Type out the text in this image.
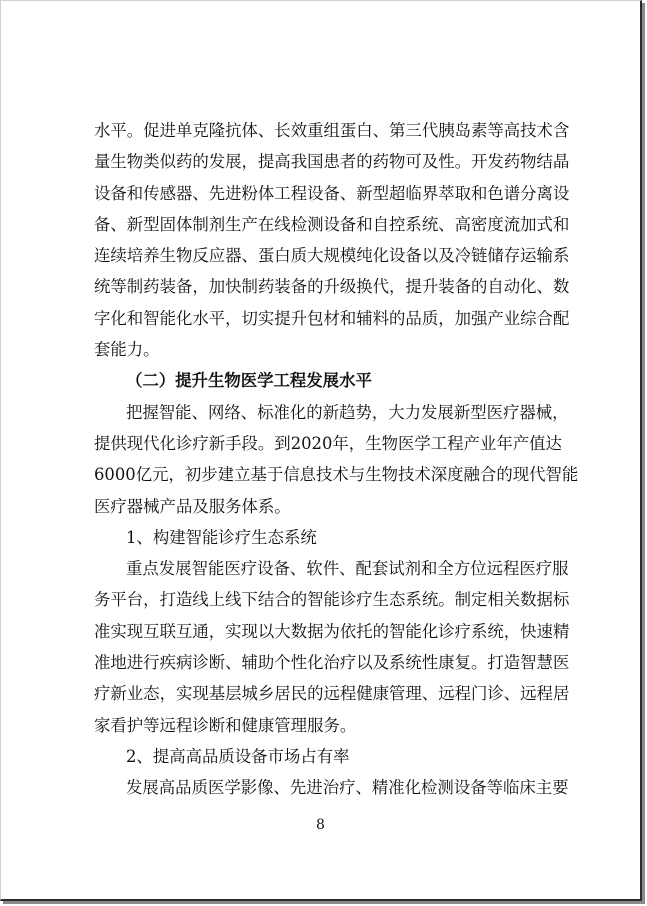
水 平 。 促 进 单 克 隆 抗 体 、 长 效 重 组 蛋 白 、 第 三 代 胰 岛 素 等 高 技 术 含
量 生 物 类 似 药 的 发 展 ， 提 高 我 国 患 者 的 药 物 可 及 性 。 开 发 药 物 结 晶
设 备 和 传 感 器 、 先 进 粉 体 工 程 设 备 、 新 型 超 临 界 萃 取 和 色 谱 分 离 设
备 、 新 型 固 体 制 剂 生 产 在 线 检 测 设 备 和 自 控 系 统 、 高 密 度 流 加 式 和
连 续 培 养 生 物 反 应 器 、 蛋 白 质 大 规 模 纯 化 设 备 以 及 冷 链 储 存 运 输 系
统 等 制 药 装 备 ， 加 快 制 药 装 备 的 升 级 换 代 ， 提 升 装 备 的 自 动 化 、 数
字 化 和 智 能 化 水 平 ， 切 实 提 升 包 材 和 辅 料 的 品 质 ， 加 强 产 业 综 合 配
套能力。
（二）提升生物医学工程发展水平
把 握 智 能 、 网 络 、 标 准 化 的 新 趋 势 ， 大 力 发 展 新 型 医 疗 器 械 ，
提 供 现 代 化 诊 疗 新 手 段 。 到 2020 年 ， 生 物 医 学 工 程 产 业 年 产 值 达
6000 亿 元 ， 初 步 建 立 基 于 信 息 技 术 与 生 物 技 术 深 度 融 合 的 现 代 智 能
医疗器械产品及服务体系。
1、构建智能诊疗生态系统
重 点 发 展 智 能 医 疗 设 备 、 软 件 、 配 套 试 剂 和 全 方 位 远 程 医 疗 服
务 平 台 ， 打 造 线 上 线 下 结 合 的 智 能 诊 疗 生 态 系 统 。 制 定 相 关 数 据 标
准 实 现 互 联 互 通 ， 实 现 以 大 数 据 为 依 托 的 智 能 化 诊 疗 系 统 ， 快 速 精
准 地 进 行 疾 病 诊 断 、 辅 助 个 性 化 治 疗 以 及 系 统 性 康 复 。 打 造 智 慧 医
疗 新 业 态 ， 实 现 基 层 城 乡 居 民 的 远 程 健 康 管 理 、 远 程 门 诊 、 远 程 居
家看护等远程诊断和健康管理服务。
2、提高高品质设备市场占有率
发 展 高 品 质 医 学 影 像 、 先 进 治 疗 、 精 准 化 检 测 设 备 等 临 床 主 要
8
